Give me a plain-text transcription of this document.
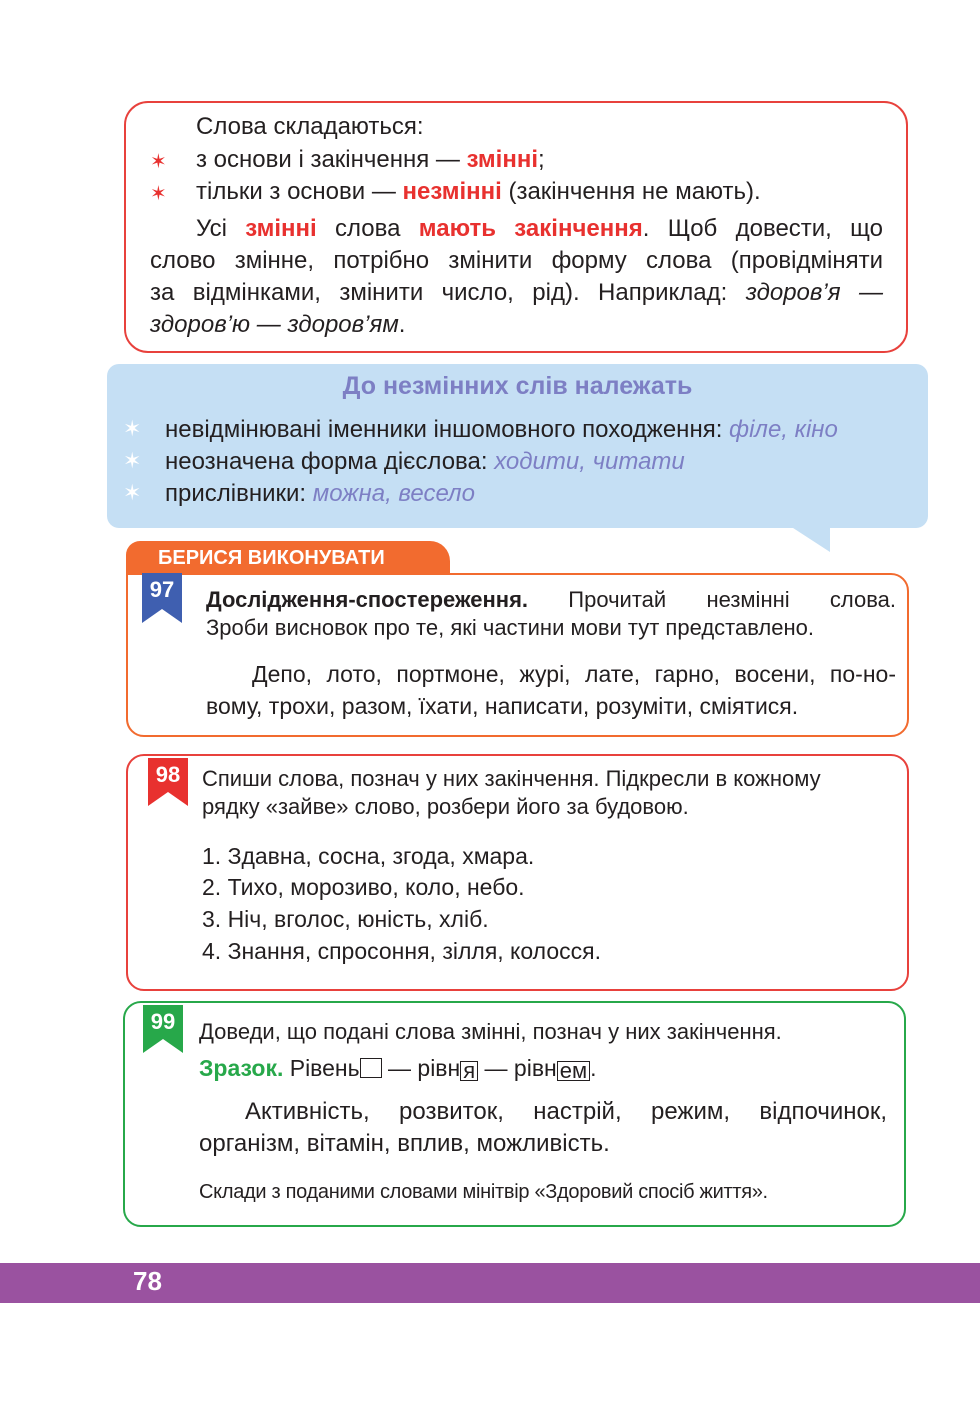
Слова складаються:
✶ з основи і закінчення — змінні;
✶ тільки з основи — незмінні (закінчення не мають).
Усі змінні слова мають закінчення. Щоб довести, що
слово змінне, потрібно змінити форму слова (провідміняти
за відмінками, змінити число, рід). Наприклад: здоров’я —
здоров’ю — здоров’ям.
До незмінних слів належать
✶ невідмінювані іменники іншомовного походження: філе, кіно
✶ неозначена форма дієслова: ходити, читати
✶ прислівники: можна, весело
БЕРИСЯ ВИКОНУВАТИ
97	Дослідження-спостереження. Прочитай незмінні слова.
Зроби висновок про те, які частини мови тут представлено.
Депо, лото, портмоне, журі, лате, гарно, восени, по-но-
вому, трохи, разом, їхати, написати, розуміти, сміятися.
98 Спиши слова, познач у них закінчення. Підкресли в кожному
рядку «зайве» слово, розбери його за будовою.
1. Здавна, сосна, згода, хмара.
2. Тихо, морозиво, коло, небо.
3. Ніч, вголос, юність, хліб.
4. Знання, спросоння, зілля, колосся.
99	Доведи, що подані слова змінні, познач у них закінчення.
Зразок. Рівень — рівн я — рівн ем .
Активність, розвиток, настрій, режим, відпочинок,
організм, вітамін, вплив, можливість.
Склади з поданими словами мінітвір «Здоровий спосіб життя».
78
